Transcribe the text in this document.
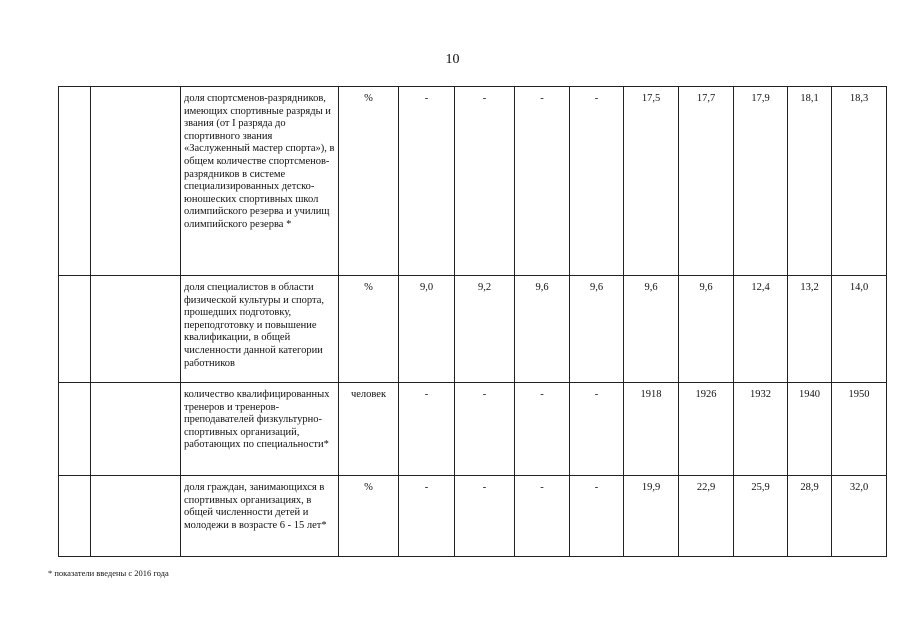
10
		доля спортсменов-разрядников, имеющих спортивные разряды и звания (от I разряда до спортивного звания «Заслуженный мастер спорта»), в общем количестве спортсменов-разрядников в системе специализированных детско-юношеских спортивных школ олимпийского резерва и училищ олимпийского резерва *	%	-	-	-	-	17,5	17,7	17,9	18,1	18,3
		доля специалистов в области физической культуры и спорта, прошедших подготовку, переподготовку и повышение квалификации, в общей численности данной категории работников	%	9,0	9,2	9,6	9,6	9,6	9,6	12,4	13,2	14,0
		количество квалифицированных тренеров и тренеров-преподавателей физкультурно-спортивных организаций, работающих по специальности*	человек	-	-	-	-	1918	1926	1932	1940	1950
		доля граждан, занимающихся в спортивных организациях, в общей численности детей и молодежи в возрасте 6 - 15 лет*	%	-	-	-	-	19,9	22,9	25,9	28,9	32,0
* показатели введены с 2016 года
